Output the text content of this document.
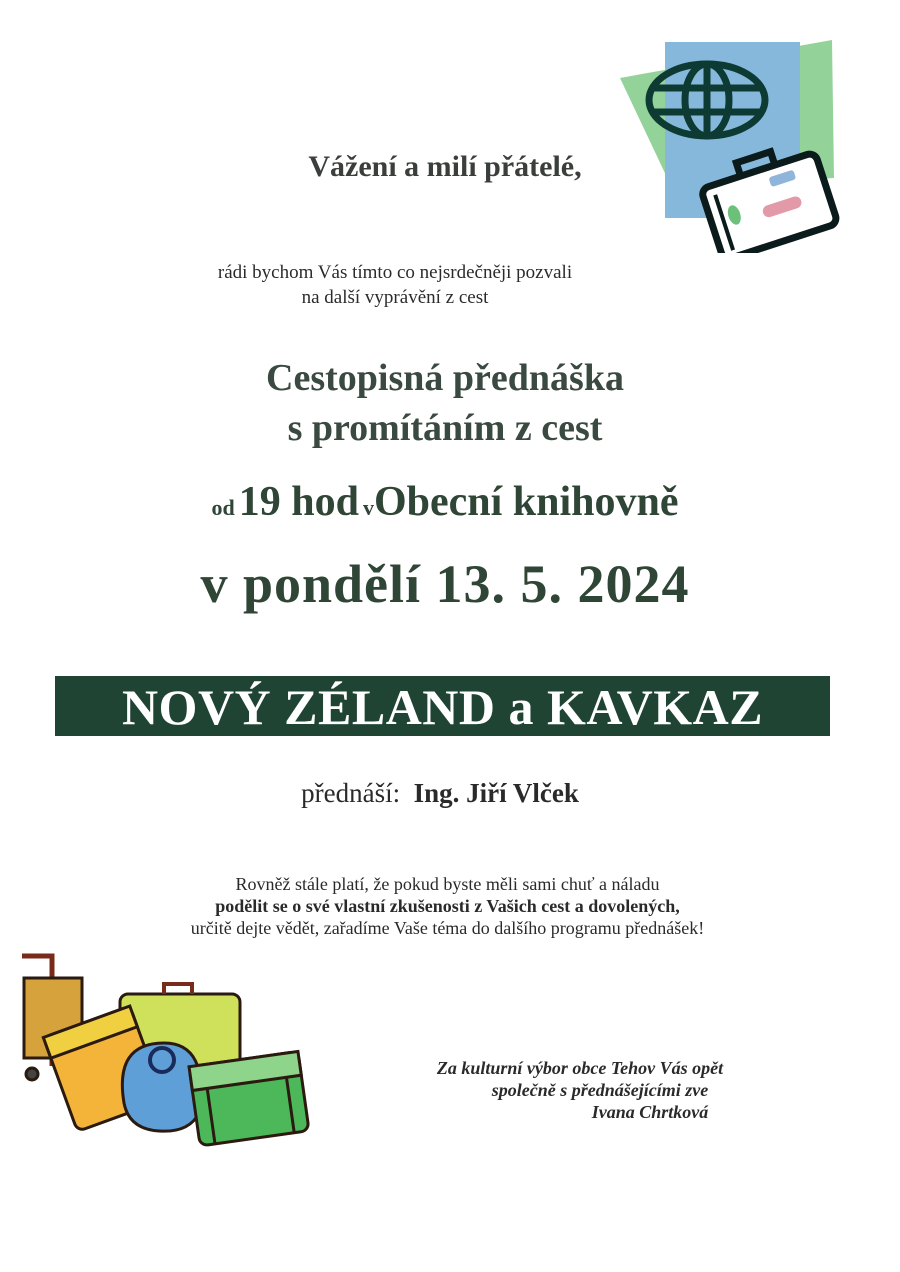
Vážení a milí přátelé,
rádi bychom Vás tímto co nejsrdečněji pozvali
na další vyprávění z cest
Cestopisná přednáška
s promítáním z cest
od 19 hod vObecní knihovně
v pondělí 13. 5. 2024
NOVÝ ZÉLAND a KAVKAZ
přednáší: Ing. Jiří Vlček
Rovněž stále platí, že pokud byste měli sami chuť a náladu
podělit se o své vlastní zkušenosti z Vašich cest a dovolených,
určitě dejte vědět, zařadíme Vaše téma do dalšího programu přednášek!
Za kulturní výbor obce Tehov Vás opět
společně s přednášejícími zve
Ivana Chrtková
